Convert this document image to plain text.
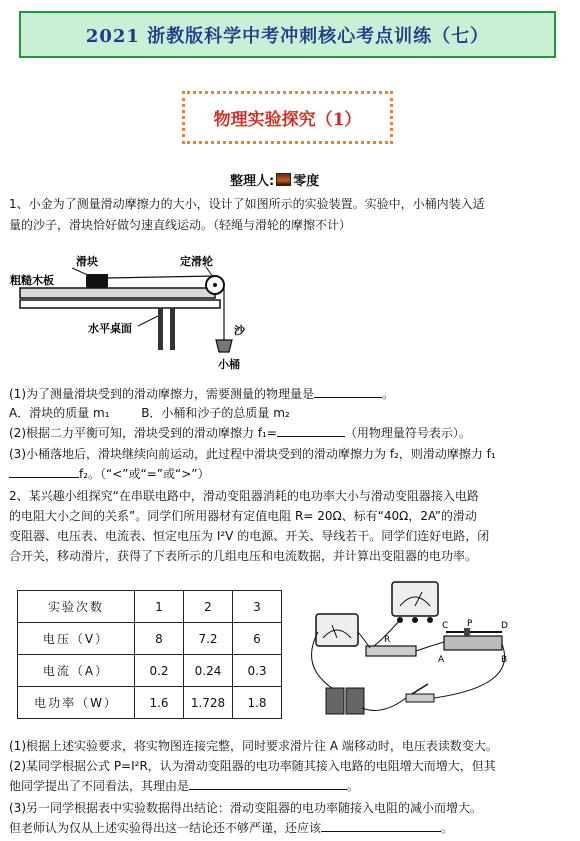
2021 浙教版科学中考冲刺核心考点训练（七）
物理实验探究（1）
整理人: 零度
1、小金为了测量滑动摩擦力的大小，设计了如图所示的实验装置。实验中，小桶内装入适
量的沙子，滑块恰好做匀速直线运动。（轻绳与滑轮的摩擦不计）
滑块	定滑轮
粗糙木板
水平桌面	沙
小桶
(1)为了测量滑块受到的滑动摩擦力，需要测量的物理量是	。
A．滑块的质量 m₁	B．小桶和沙子的总质量 m₂
(2)根据二力平衡可知，滑块受到的滑动摩擦力 f₁=	（用物理量符号表示）。
(3)小桶落地后，滑块继续向前运动，此过程中滑块受到的滑动摩擦力为 f₂，则滑动摩擦力 f₁
f₂。（“<”或“=”或“>”）
2、某兴趣小组探究“在串联电路中，滑动变阻器消耗的电功率大小与滑动变阻器接入电路
的电阻大小之间的关系”。同学们所用器材有定值电阻 R= 20Ω、标有“40Ω，2A”的滑动
变阻器、电压表、电流表、恒定电压为 I²V 的电源、开关、导线若干。同学们连好电路，闭
合开关，移动滑片，获得了下表所示的几组电压和电流数据，并计算出变阻器的电功率。
实验次数	1	2	3
电压（V）	8	7.2	6
电流（A）	0.2	0.24	0.3
电功率（W）	1.6	1.728	1.8
R
P
C	D
A	B
(1)根据上述实验要求，将实物图连接完整，同时要求滑片往 A 端移动时，电压表读数变大。
(2)某同学根据公式 P=I²R，认为滑动变阻器的电功率随其接入电路的电阻增大而增大，但其
他同学提出了不同看法，其理由是	。
(3)另一同学根据表中实验数据得出结论：滑动变阻器的电功率随接入电阻的减小而增大。
但老师认为仅从上述实验得出这一结论还不够严谨，还应该	。
